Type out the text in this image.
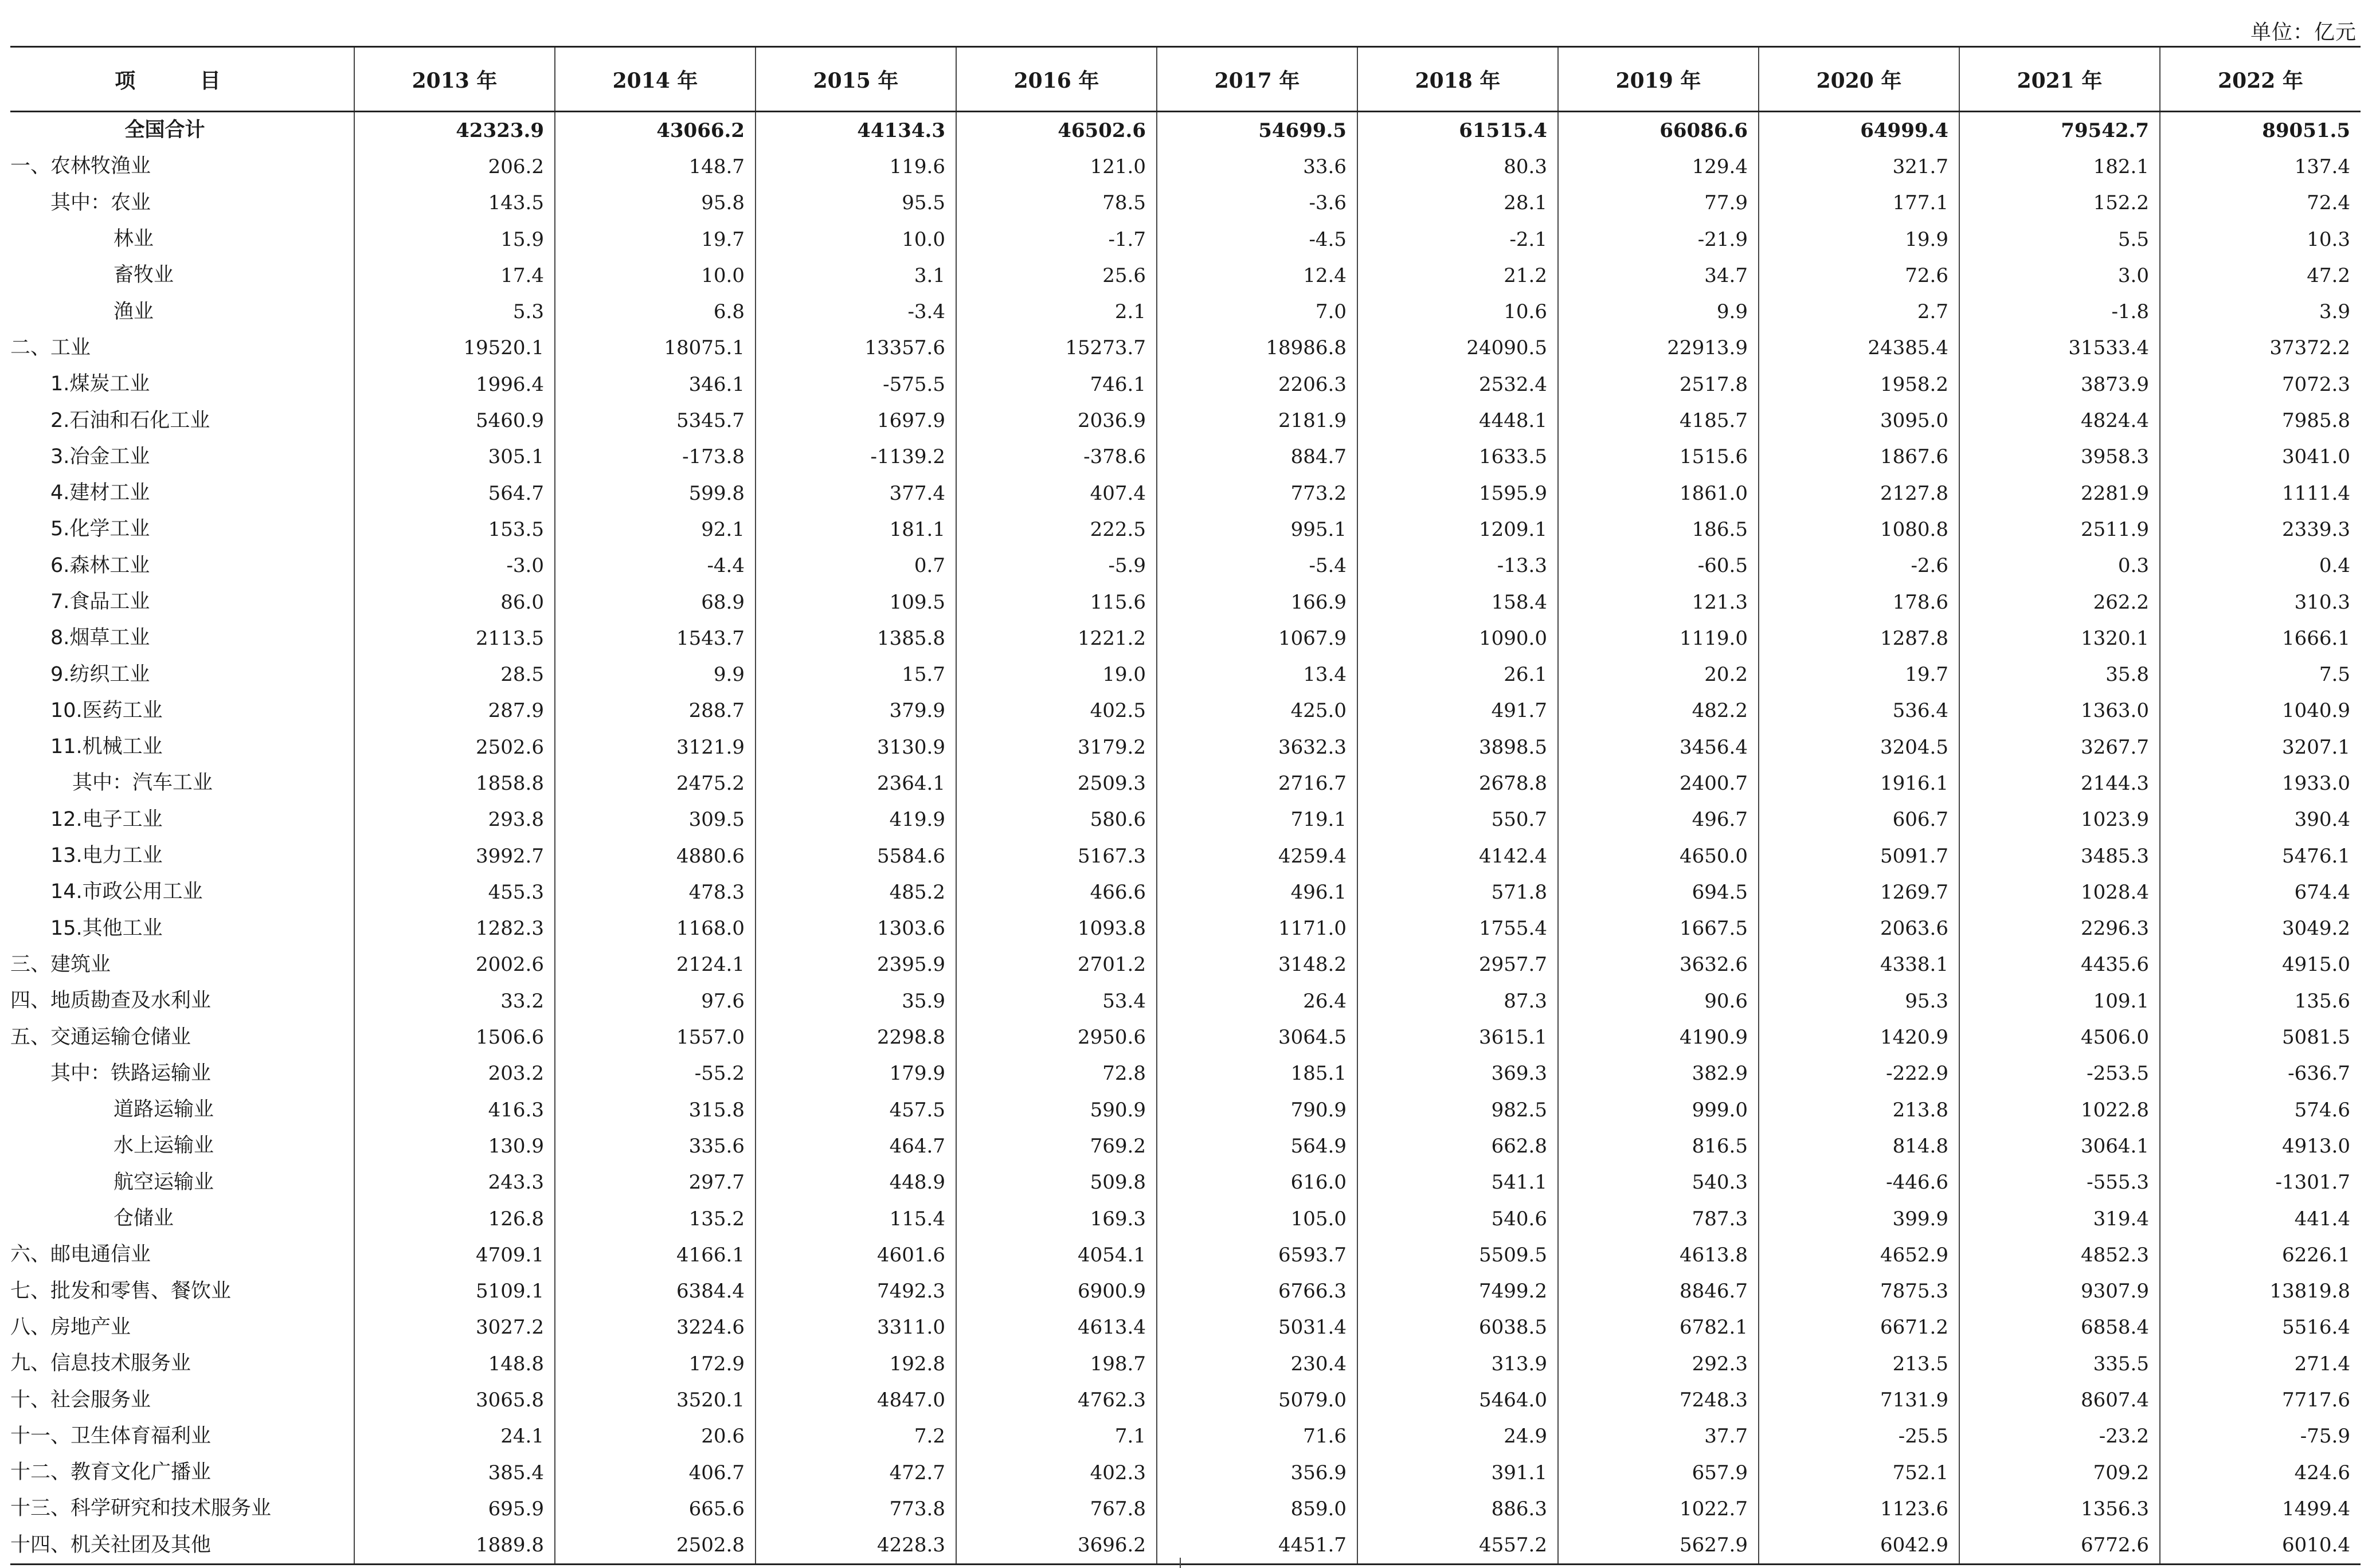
单位：亿元
项 目	2013 年	2014 年	2015 年	2016 年	2017 年	2018 年	2019 年	2020 年	2021 年	2022 年
全国合计	42323.9	43066.2	44134.3	46502.6	54699.5	61515.4	66086.6	64999.4	79542.7	89051.5
一、农林牧渔业	206.2	148.7	119.6	121.0	33.6	80.3	129.4	321.7	182.1	137.4
其中：农业	143.5	95.8	95.5	78.5	-3.6	28.1	77.9	177.1	152.2	72.4
林业	15.9	19.7	10.0	-1.7	-4.5	-2.1	-21.9	19.9	5.5	10.3
畜牧业	17.4	10.0	3.1	25.6	12.4	21.2	34.7	72.6	3.0	47.2
渔业	5.3	6.8	-3.4	2.1	7.0	10.6	9.9	2.7	-1.8	3.9
二、工业	19520.1	18075.1	13357.6	15273.7	18986.8	24090.5	22913.9	24385.4	31533.4	37372.2
1.煤炭工业	1996.4	346.1	-575.5	746.1	2206.3	2532.4	2517.8	1958.2	3873.9	7072.3
2.石油和石化工业	5460.9	5345.7	1697.9	2036.9	2181.9	4448.1	4185.7	3095.0	4824.4	7985.8
3.冶金工业	305.1	-173.8	-1139.2	-378.6	884.7	1633.5	1515.6	1867.6	3958.3	3041.0
4.建材工业	564.7	599.8	377.4	407.4	773.2	1595.9	1861.0	2127.8	2281.9	1111.4
5.化学工业	153.5	92.1	181.1	222.5	995.1	1209.1	186.5	1080.8	2511.9	2339.3
6.森林工业	-3.0	-4.4	0.7	-5.9	-5.4	-13.3	-60.5	-2.6	0.3	0.4
7.食品工业	86.0	68.9	109.5	115.6	166.9	158.4	121.3	178.6	262.2	310.3
8.烟草工业	2113.5	1543.7	1385.8	1221.2	1067.9	1090.0	1119.0	1287.8	1320.1	1666.1
9.纺织工业	28.5	9.9	15.7	19.0	13.4	26.1	20.2	19.7	35.8	7.5
10.医药工业	287.9	288.7	379.9	402.5	425.0	491.7	482.2	536.4	1363.0	1040.9
11.机械工业	2502.6	3121.9	3130.9	3179.2	3632.3	3898.5	3456.4	3204.5	3267.7	3207.1
其中：汽车工业	1858.8	2475.2	2364.1	2509.3	2716.7	2678.8	2400.7	1916.1	2144.3	1933.0
12.电子工业	293.8	309.5	419.9	580.6	719.1	550.7	496.7	606.7	1023.9	390.4
13.电力工业	3992.7	4880.6	5584.6	5167.3	4259.4	4142.4	4650.0	5091.7	3485.3	5476.1
14.市政公用工业	455.3	478.3	485.2	466.6	496.1	571.8	694.5	1269.7	1028.4	674.4
15.其他工业	1282.3	1168.0	1303.6	1093.8	1171.0	1755.4	1667.5	2063.6	2296.3	3049.2
三、建筑业	2002.6	2124.1	2395.9	2701.2	3148.2	2957.7	3632.6	4338.1	4435.6	4915.0
四、地质勘查及水利业	33.2	97.6	35.9	53.4	26.4	87.3	90.6	95.3	109.1	135.6
五、交通运输仓储业	1506.6	1557.0	2298.8	2950.6	3064.5	3615.1	4190.9	1420.9	4506.0	5081.5
其中：铁路运输业	203.2	-55.2	179.9	72.8	185.1	369.3	382.9	-222.9	-253.5	-636.7
道路运输业	416.3	315.8	457.5	590.9	790.9	982.5	999.0	213.8	1022.8	574.6
水上运输业	130.9	335.6	464.7	769.2	564.9	662.8	816.5	814.8	3064.1	4913.0
航空运输业	243.3	297.7	448.9	509.8	616.0	541.1	540.3	-446.6	-555.3	-1301.7
仓储业	126.8	135.2	115.4	169.3	105.0	540.6	787.3	399.9	319.4	441.4
六、邮电通信业	4709.1	4166.1	4601.6	4054.1	6593.7	5509.5	4613.8	4652.9	4852.3	6226.1
七、批发和零售、餐饮业	5109.1	6384.4	7492.3	6900.9	6766.3	7499.2	8846.7	7875.3	9307.9	13819.8
八、房地产业	3027.2	3224.6	3311.0	4613.4	5031.4	6038.5	6782.1	6671.2	6858.4	5516.4
九、信息技术服务业	148.8	172.9	192.8	198.7	230.4	313.9	292.3	213.5	335.5	271.4
十、社会服务业	3065.8	3520.1	4847.0	4762.3	5079.0	5464.0	7248.3	7131.9	8607.4	7717.6
十一、卫生体育福利业	24.1	20.6	7.2	7.1	71.6	24.9	37.7	-25.5	-23.2	-75.9
十二、教育文化广播业	385.4	406.7	472.7	402.3	356.9	391.1	657.9	752.1	709.2	424.6
十三、科学研究和技术服务业	695.9	665.6	773.8	767.8	859.0	886.3	1022.7	1123.6	1356.3	1499.4
十四、机关社团及其他	1889.8	2502.8	4228.3	3696.2	4451.7	4557.2	5627.9	6042.9	6772.6	6010.4
